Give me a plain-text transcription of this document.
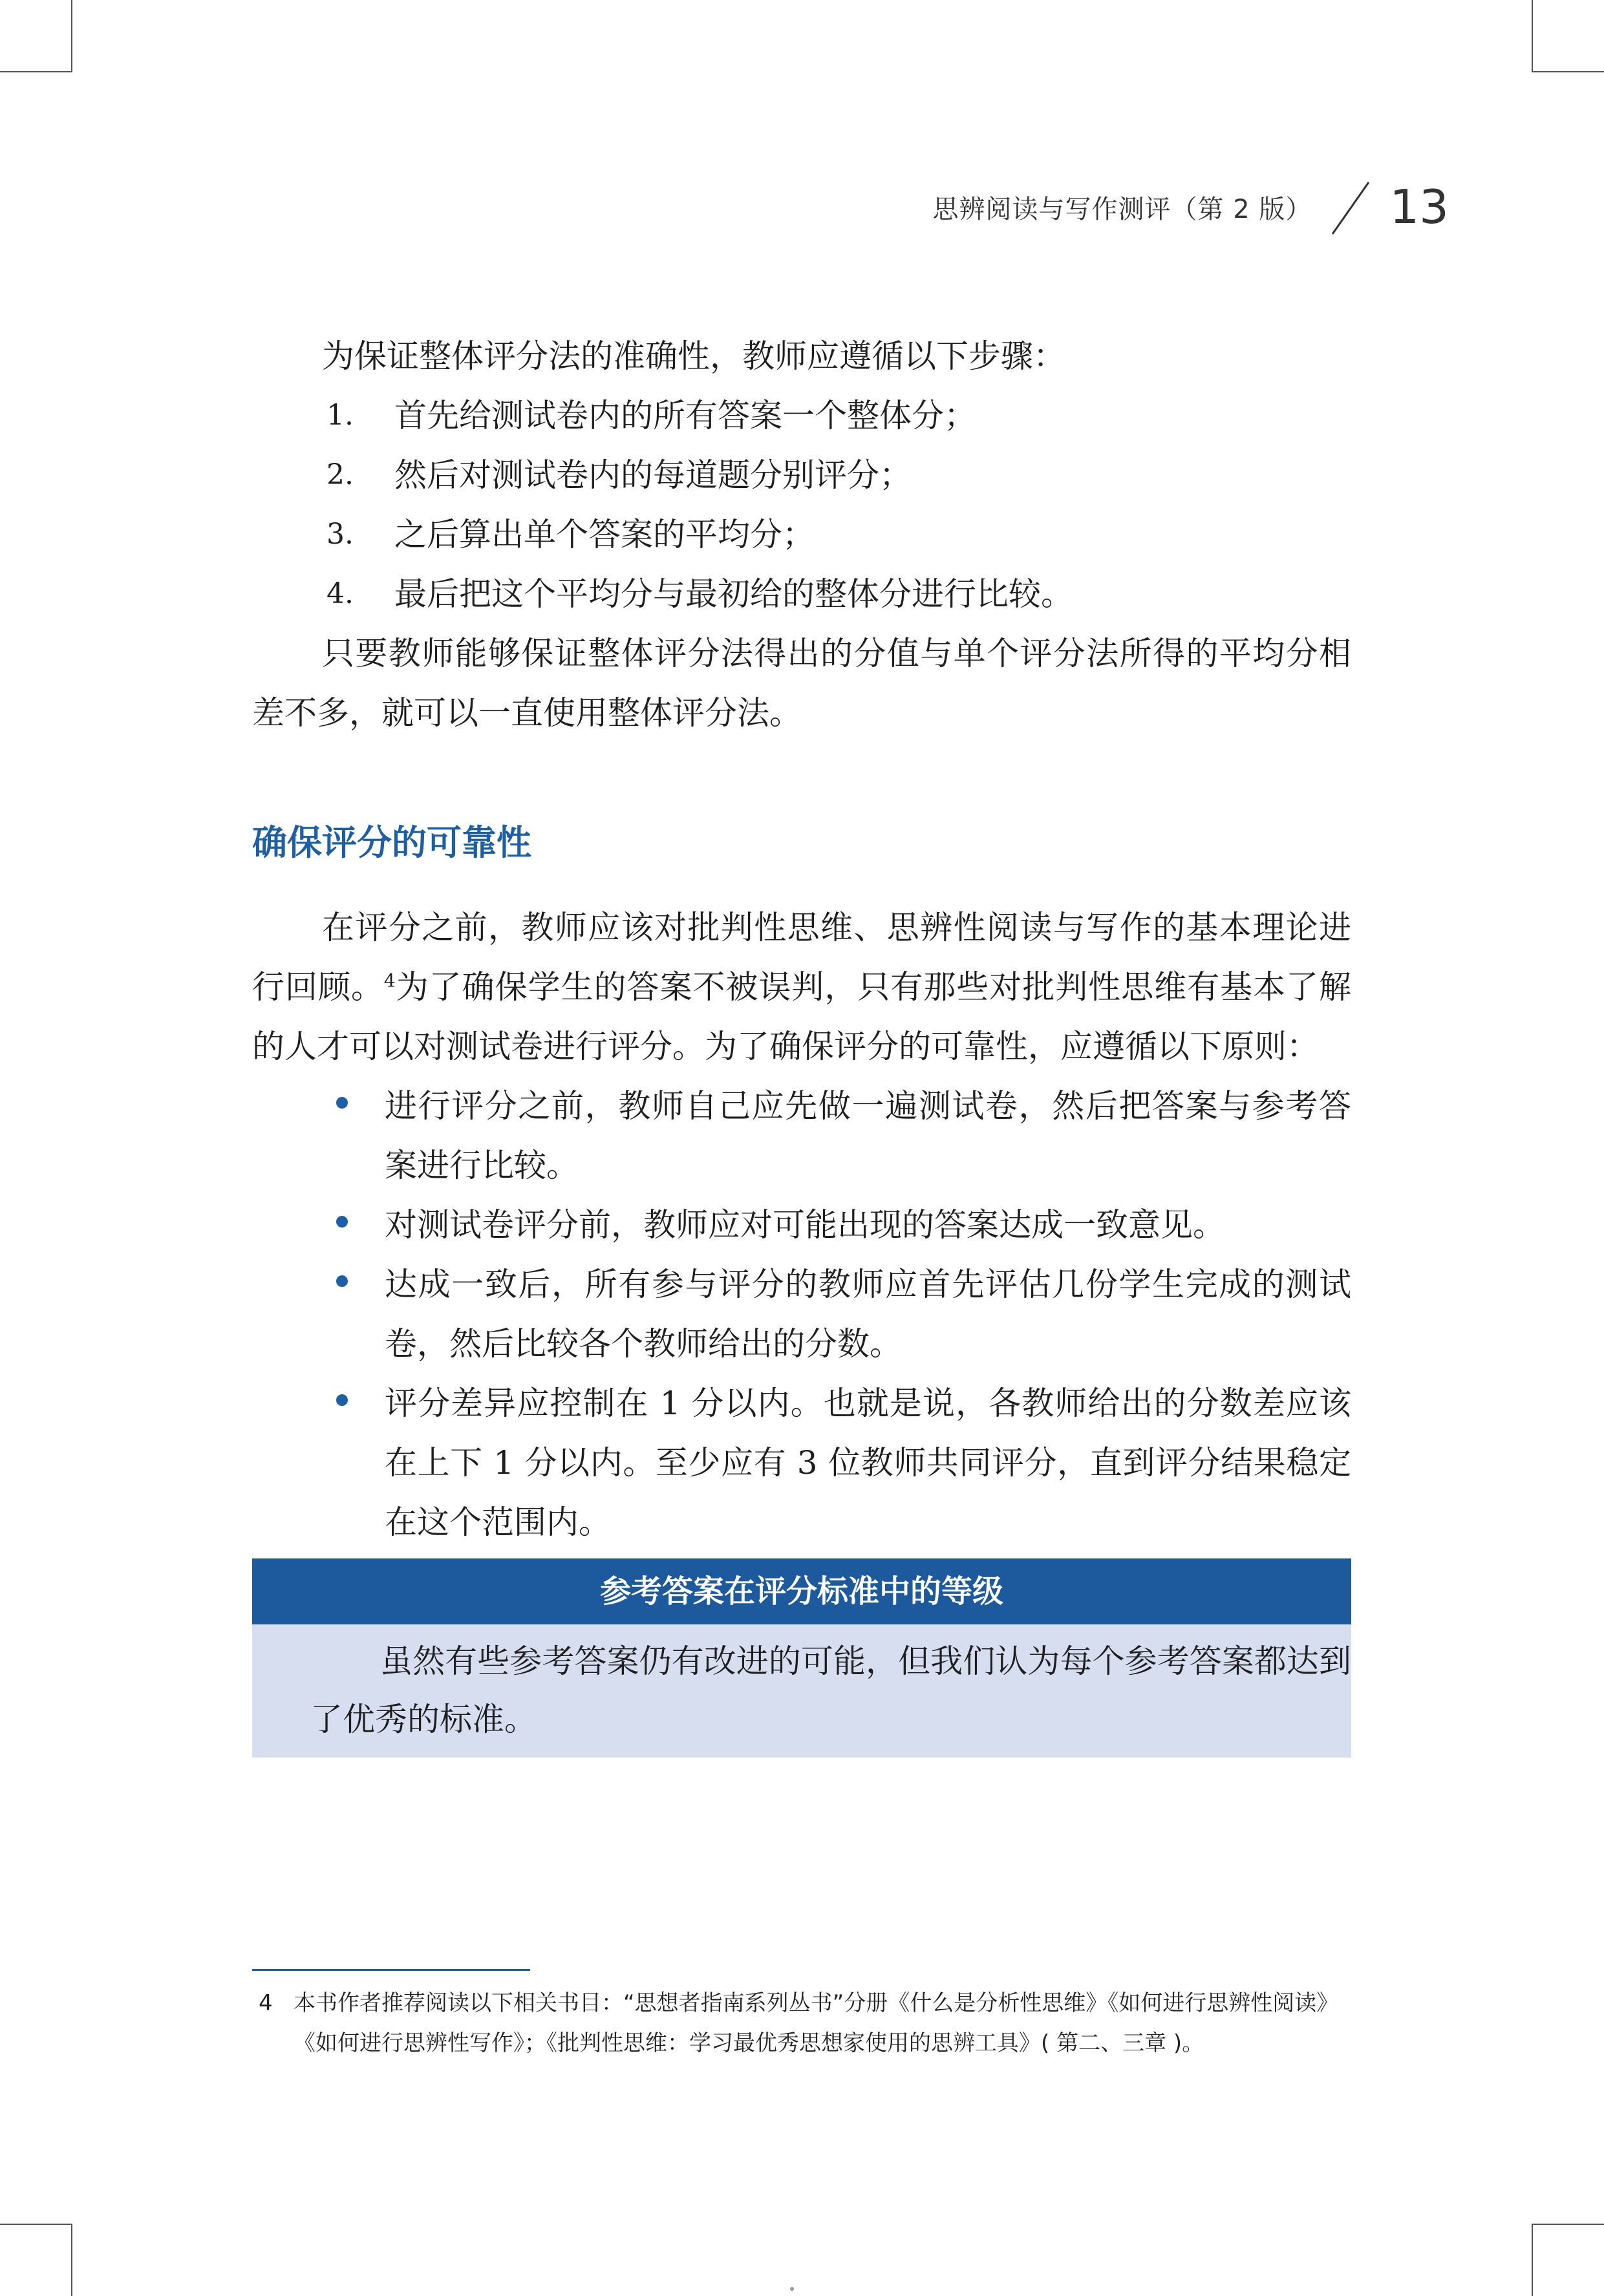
思辨阅读与写作测评（第 2 版） 13

为保证整体评分法的准确性，教师应遵循以下步骤：

1.	首先给测试卷内的所有答案一个整体分；
2.	然后对测试卷内的每道题分别评分；
3.	之后算出单个答案的平均分；
4.	最后把这个平均分与最初给的整体分进行比较。

只要教师能够保证整体评分法得出的分值与单个评分法所得的平均分相差不多，就可以一直使用整体评分法。

确保评分的可靠性

在评分之前，教师应该对批判性思维、思辨性阅读与写作的基本理论进行回顾。$^4$为了确保学生的答案不被误判，只有那些对批判性思维有基本了解的人才可以对测试卷进行评分。为了确保评分的可靠性，应遵循以下原则：

进行评分之前，教师自己应先做一遍测试卷，然后把答案与参考答案进行比较。
对测试卷评分前，教师应对可能出现的答案达成一致意见。
达成一致后，所有参与评分的教师应首先评估几份学生完成的测试卷，然后比较各个教师给出的分数。
评分差异应控制在 1 分以内。也就是说，各教师给出的分数差应该在上下 1 分以内。至少应有 3 位教师共同评分，直到评分结果稳定在这个范围内。
参考答案在评分标准中的等级
虽然有些参考答案仍有改进的可能，但我们认为每个参考答案都达到了优秀的标准。
4 本书作者推荐阅读以下相关书目：“思想者指南系列丛书”分册《什么是分析性思维》《如何进行思辨性阅读》《如何进行思辨性写作》；《批判性思维：学习最优秀思想家使用的思辨工具》( 第二、三章 )。
